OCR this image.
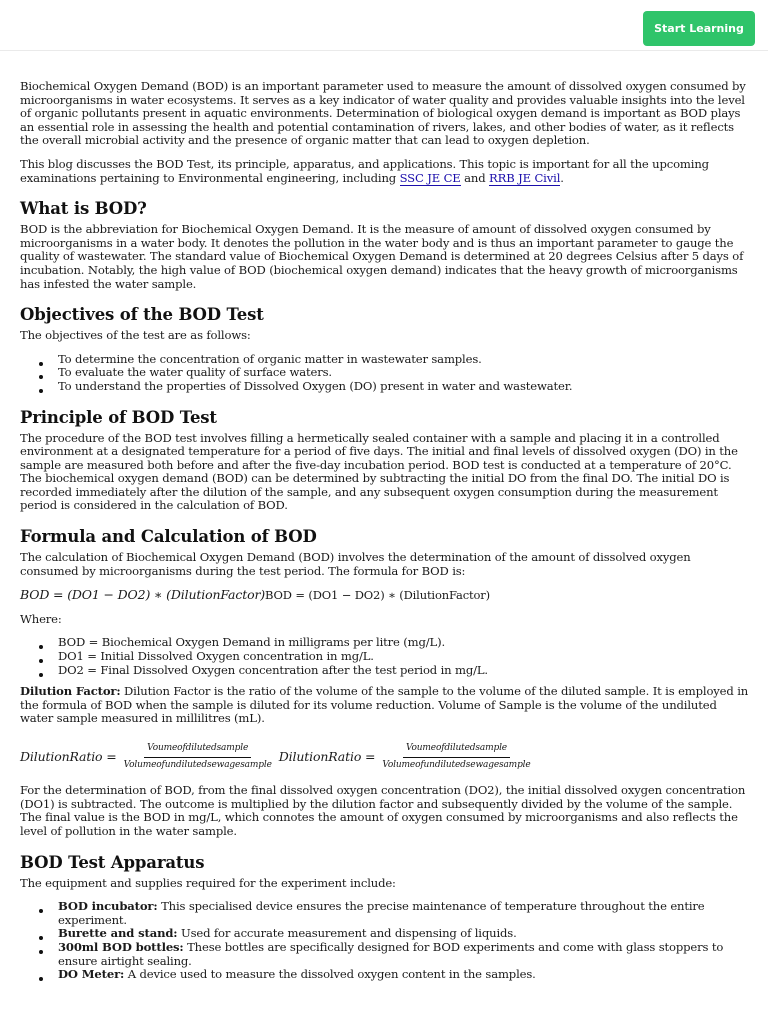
Start Learning

Biochemical Oxygen Demand (BOD) is an important parameter used to measure the amount of dissolved oxygen consumed by microorganisms in water ecosystems. It serves as a key indicator of water quality and provides valuable insights into the level of organic pollutants present in aquatic environments. Determination of biological oxygen demand is important as BOD plays an essential role in assessing the health and potential contamination of rivers, lakes, and other bodies of water, as it reflects the overall microbial activity and the presence of organic matter that can lead to oxygen depletion.

This blog discusses the BOD Test, its principle, apparatus, and applications. This topic is important for all the upcoming examinations pertaining to Environmental engineering, including SSC JE CE and RRB JE Civil.

What is BOD?

BOD is the abbreviation for Biochemical Oxygen Demand. It is the measure of amount of dissolved oxygen consumed by microorganisms in a water body. It denotes the pollution in the water body and is thus an important parameter to gauge the quality of wastewater. The standard value of Biochemical Oxygen Demand is determined at 20 degrees Celsius after 5 days of incubation. Notably, the high value of BOD (biochemical oxygen demand) indicates that the heavy growth of microorganisms has infested the water sample.

Objectives of the BOD Test

The objectives of the test are as follows:

To determine the concentration of organic matter in wastewater samples.
To evaluate the water quality of surface waters.
To understand the properties of Dissolved Oxygen (DO) present in water and wastewater.
Principle of BOD Test

The procedure of the BOD test involves filling a hermetically sealed container with a sample and placing it in a controlled environment at a designated temperature for a period of five days. The initial and final levels of dissolved oxygen (DO) in the sample are measured both before and after the five-day incubation period. BOD test is conducted at a temperature of 20°C. The biochemical oxygen demand (BOD) can be determined by subtracting the initial DO from the final DO. The initial DO is recorded immediately after the dilution of the sample, and any subsequent oxygen consumption during the measurement period is considered in the calculation of BOD.

Formula and Calculation of BOD

The calculation of Biochemical Oxygen Demand (BOD) involves the determination of the amount of dissolved oxygen consumed by microorganisms during the test period. The formula for BOD is:

BOD = (DO1 − DO2) ∗ (DilutionFactor)BOD = (DO1 − DO2) ∗ (DilutionFactor)

Where:

BOD = Biochemical Oxygen Demand in milligrams per litre (mg/L).
DO1 = Initial Dissolved Oxygen concentration in mg/L.
DO2 = Final Dissolved Oxygen concentration after the test period in mg/L.

Dilution Factor: Dilution Factor is the ratio of the volume of the sample to the volume of the diluted sample. It is employed in the formula of BOD when the sample is diluted for its volume reduction. Volume of Sample is the volume of the undiluted water sample measured in millilitres (mL).

DilutionRatio = $\frac{\text{Voumeofdilutedsample}}{\text{Volumeofundilutedsewagesample}}$ DilutionRatio = $\frac{\text{Voumeofdilutedsample}}{\text{Volumeofundilutedsewagesample}}$

For the determination of BOD, from the final dissolved oxygen concentration (DO2), the initial dissolved oxygen concentration (DO1) is subtracted. The outcome is multiplied by the dilution factor and subsequently divided by the volume of the sample. The final value is the BOD in mg/L, which connotes the amount of oxygen consumed by microorganisms and also reflects the level of pollution in the water sample.

BOD Test Apparatus

The equipment and supplies required for the experiment include:

BOD incubator: This specialised device ensures the precise maintenance of temperature throughout the entire experiment.
Burette and stand: Used for accurate measurement and dispensing of liquids.
300ml BOD bottles: These bottles are specifically designed for BOD experiments and come with glass stoppers to ensure airtight sealing.
DO Meter: A device used to measure the dissolved oxygen content in the samples.
